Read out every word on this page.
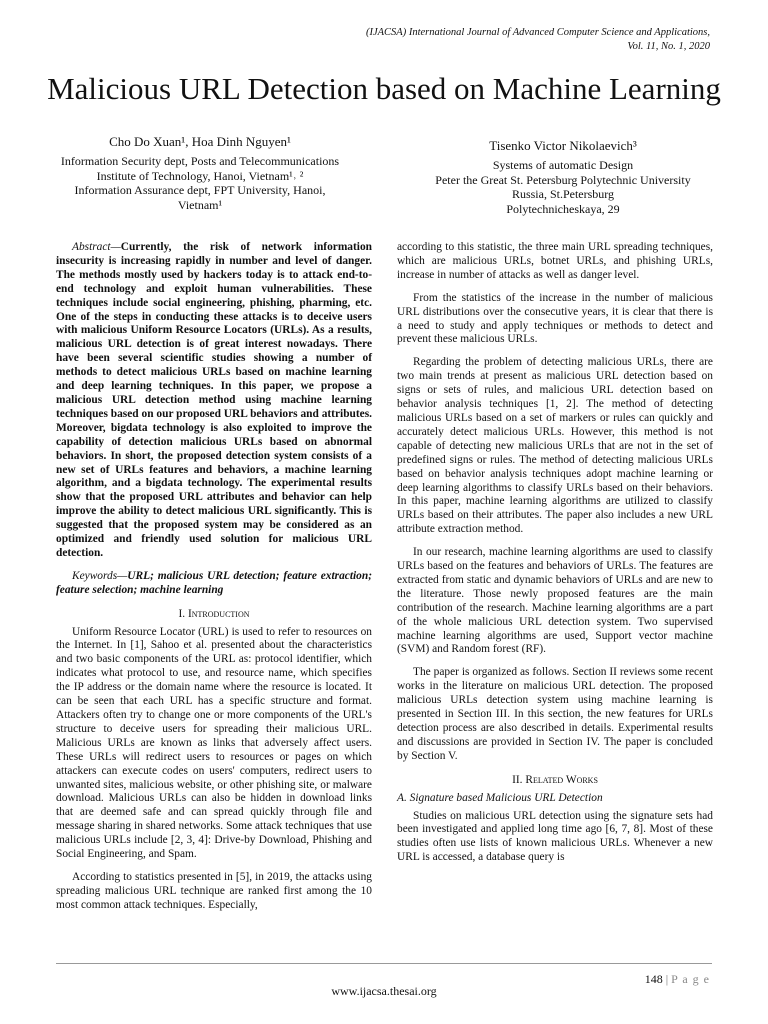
(IJACSA) International Journal of Advanced Computer Science and Applications,
Vol. 11, No. 1, 2020
Malicious URL Detection based on Machine Learning
Cho Do Xuan¹, Hoa Dinh Nguyen¹
Information Security dept, Posts and Telecommunications
Institute of Technology, Hanoi, Vietnam¹˒ ²
Information Assurance dept, FPT University, Hanoi,
Vietnam¹
Tisenko Victor Nikolaevich³
Systems of automatic Design
Peter the Great St. Petersburg Polytechnic University
Russia, St.Petersburg
Polytechnicheskaya, 29

Abstract—Currently, the risk of network information insecurity is increasing rapidly in number and level of danger. The methods mostly used by hackers today is to attack end-to-end technology and exploit human vulnerabilities. These techniques include social engineering, phishing, pharming, etc. One of the steps in conducting these attacks is to deceive users with malicious Uniform Resource Locators (URLs). As a results, malicious URL detection is of great interest nowadays. There have been several scientific studies showing a number of methods to detect malicious URLs based on machine learning and deep learning techniques. In this paper, we propose a malicious URL detection method using machine learning techniques based on our proposed URL behaviors and attributes. Moreover, bigdata technology is also exploited to improve the capability of detection malicious URLs based on abnormal behaviors. In short, the proposed detection system consists of a new set of URLs features and behaviors, a machine learning algorithm, and a bigdata technology. The experimental results show that the proposed URL attributes and behavior can help improve the ability to detect malicious URL significantly. This is suggested that the proposed system may be considered as an optimized and friendly used solution for malicious URL detection.

Keywords—URL; malicious URL detection; feature extraction; feature selection; machine learning

I. Introduction

Uniform Resource Locator (URL) is used to refer to resources on the Internet. In [1], Sahoo et al. presented about the characteristics and two basic components of the URL as: protocol identifier, which indicates what protocol to use, and resource name, which specifies the IP address or the domain name where the resource is located. It can be seen that each URL has a specific structure and format. Attackers often try to change one or more components of the URL's structure to deceive users for spreading their malicious URL. Malicious URLs are known as links that adversely affect users. These URLs will redirect users to resources or pages on which attackers can execute codes on users' computers, redirect users to unwanted sites, malicious website, or other phishing site, or malware download. Malicious URLs can also be hidden in download links that are deemed safe and can spread quickly through file and message sharing in shared networks. Some attack techniques that use malicious URLs include [2, 3, 4]: Drive-by Download, Phishing and Social Engineering, and Spam.

According to statistics presented in [5], in 2019, the attacks using spreading malicious URL technique are ranked first among the 10 most common attack techniques. Especially,

according to this statistic, the three main URL spreading techniques, which are malicious URLs, botnet URLs, and phishing URLs, increase in number of attacks as well as danger level.

From the statistics of the increase in the number of malicious URL distributions over the consecutive years, it is clear that there is a need to study and apply techniques or methods to detect and prevent these malicious URLs.

Regarding the problem of detecting malicious URLs, there are two main trends at present as malicious URL detection based on signs or sets of rules, and malicious URL detection based on behavior analysis techniques [1, 2]. The method of detecting malicious URLs based on a set of markers or rules can quickly and accurately detect malicious URLs. However, this method is not capable of detecting new malicious URLs that are not in the set of predefined signs or rules. The method of detecting malicious URLs based on behavior analysis techniques adopt machine learning or deep learning algorithms to classify URLs based on their behaviors. In this paper, machine learning algorithms are utilized to classify URLs based on their attributes. The paper also includes a new URL attribute extraction method.

In our research, machine learning algorithms are used to classify URLs based on the features and behaviors of URLs. The features are extracted from static and dynamic behaviors of URLs and are new to the literature. Those newly proposed features are the main contribution of the research. Machine learning algorithms are a part of the whole malicious URL detection system. Two supervised machine learning algorithms are used, Support vector machine (SVM) and Random forest (RF).

The paper is organized as follows. Section II reviews some recent works in the literature on malicious URL detection. The proposed malicious URLs detection system using machine learning is presented in Section III. In this section, the new features for URLs detection process are also described in details. Experimental results and discussions are provided in Section IV. The paper is concluded by Section V.

II. Related Works
A. Signature based Malicious URL Detection

Studies on malicious URL detection using the signature sets had been investigated and applied long time ago [6, 7, 8]. Most of these studies often use lists of known malicious URLs. Whenever a new URL is accessed, a database query is

148 | P a g e
www.ijacsa.thesai.org
